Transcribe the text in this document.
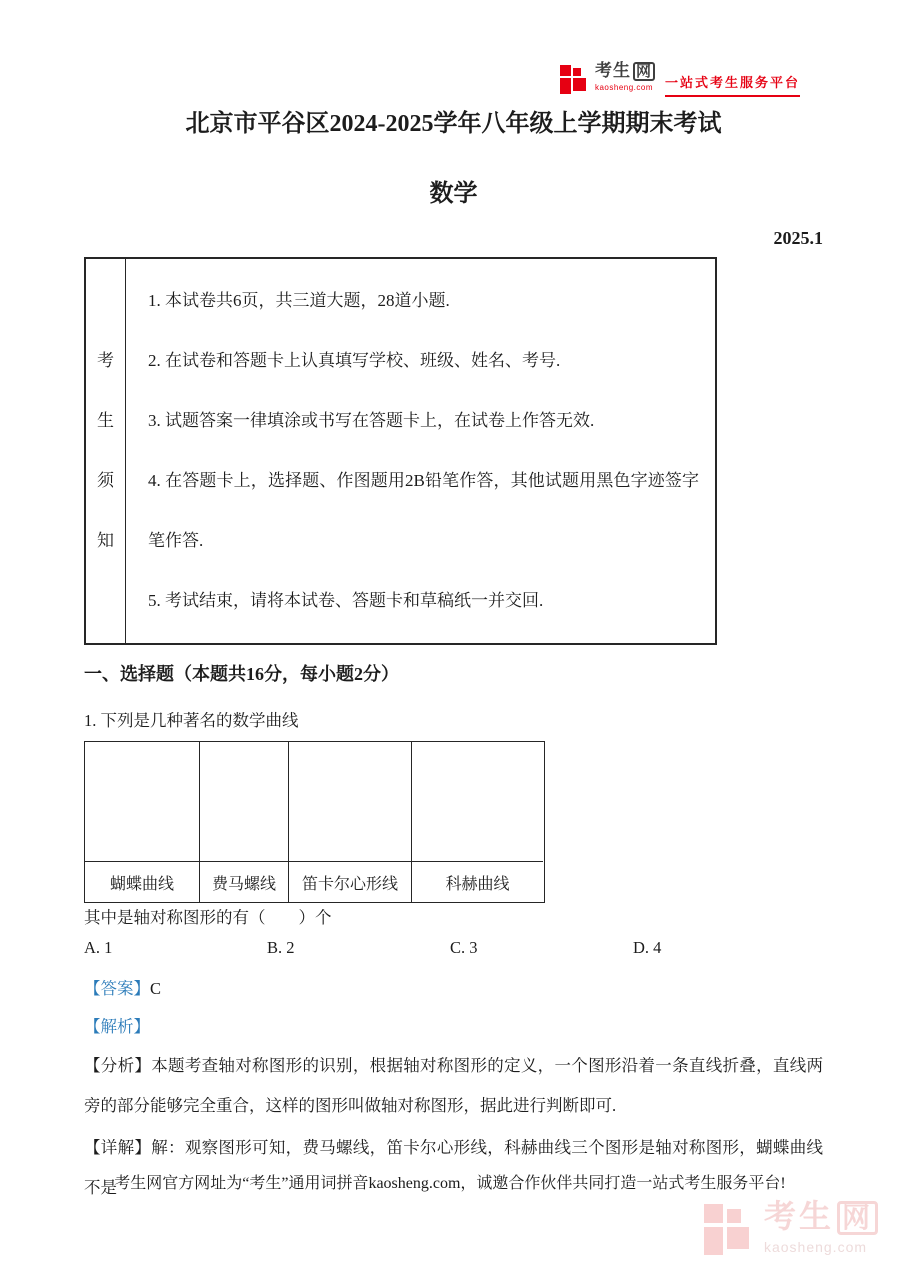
考生 网
kaosheng.com 一站式考生服务平台
北京市平谷区2024-2025学年八年级上学期期末考试
数学
2025.1
考
生
须
知

1. 本试卷共6页，共三道大题，28道小题.

2. 在试卷和答题卡上认真填写学校、班级、姓名、考号.

3. 试题答案一律填涂或书写在答题卡上，在试卷上作答无效.

4. 在答题卡上，选择题、作图题用2B铅笔作答，其他试题用黑色字迹签字笔作答.

5. 考试结束，请将本试卷、答题卡和草稿纸一并交回.

一、选择题（本题共16分，每小题2分）
1. 下列是几种著名的数学曲线
蝴蝶曲线	费马螺线	笛卡尔心形线	科赫曲线
其中是轴对称图形的有（　　）个
A. 1	B. 2	C. 3	D. 4
【答案】C
【解析】

【分析】本题考查轴对称图形的识别，根据轴对称图形的定义，一个图形沿着一条直线折叠，直线两旁的部分能够完全重合，这样的图形叫做轴对称图形，据此进行判断即可.

【详解】解：观察图形可知，费马螺线，笛卡尔心形线，科赫曲线三个图形是轴对称图形，蝴蝶曲线不是

考生网官方网址为“考生”通用词拼音kaosheng.com，诚邀合作伙伴共同打造一站式考生服务平台!
考生 网
kaosheng.com
